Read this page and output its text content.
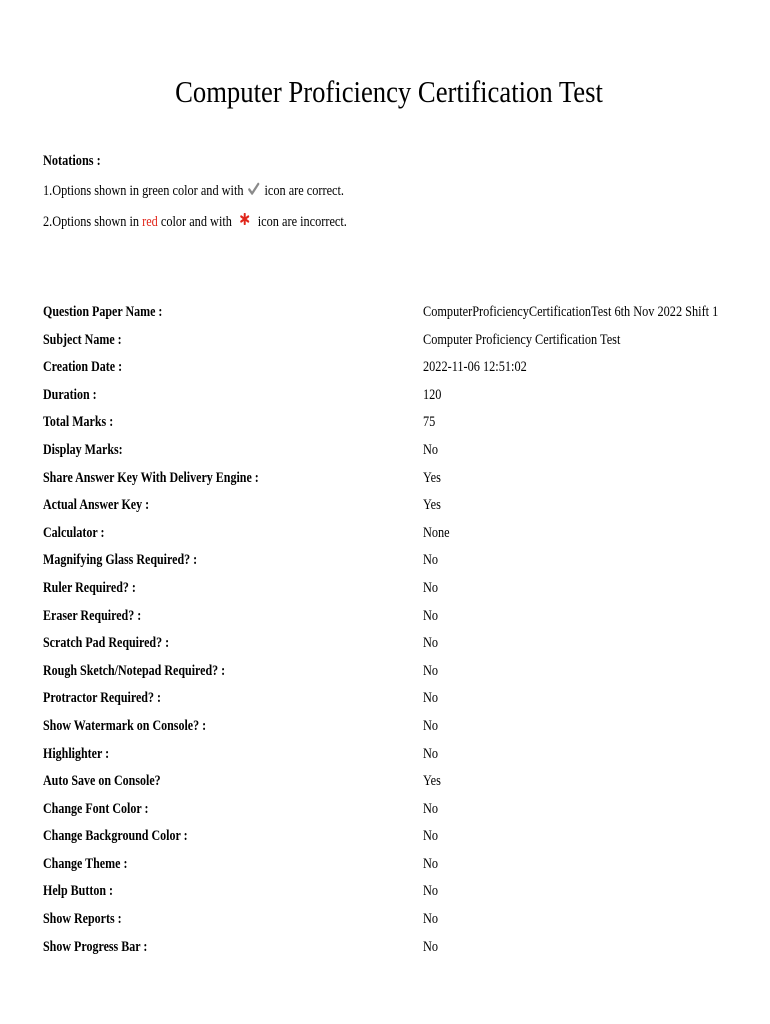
Computer Proficiency Certification Test
Notations :
1.Options shown in green color and with  icon are correct.
2.Options shown in red color and with  icon are incorrect.
Question Paper Name :	ComputerProficiencyCertificationTest 6th Nov 2022 Shift 1
Subject Name :	Computer Proficiency Certification Test
Creation Date :	2022-11-06 12:51:02
Duration :	120
Total Marks :	75
Display Marks:	No
Share Answer Key With Delivery Engine :	Yes
Actual Answer Key :	Yes
Calculator :	None
Magnifying Glass Required? :	No
Ruler Required? :	No
Eraser Required? :	No
Scratch Pad Required? :	No
Rough Sketch/Notepad Required? :	No
Protractor Required? :	No
Show Watermark on Console? :	No
Highlighter :	No
Auto Save on Console?	Yes
Change Font Color :	No
Change Background Color :	No
Change Theme :	No
Help Button :	No
Show Reports :	No
Show Progress Bar :	No
